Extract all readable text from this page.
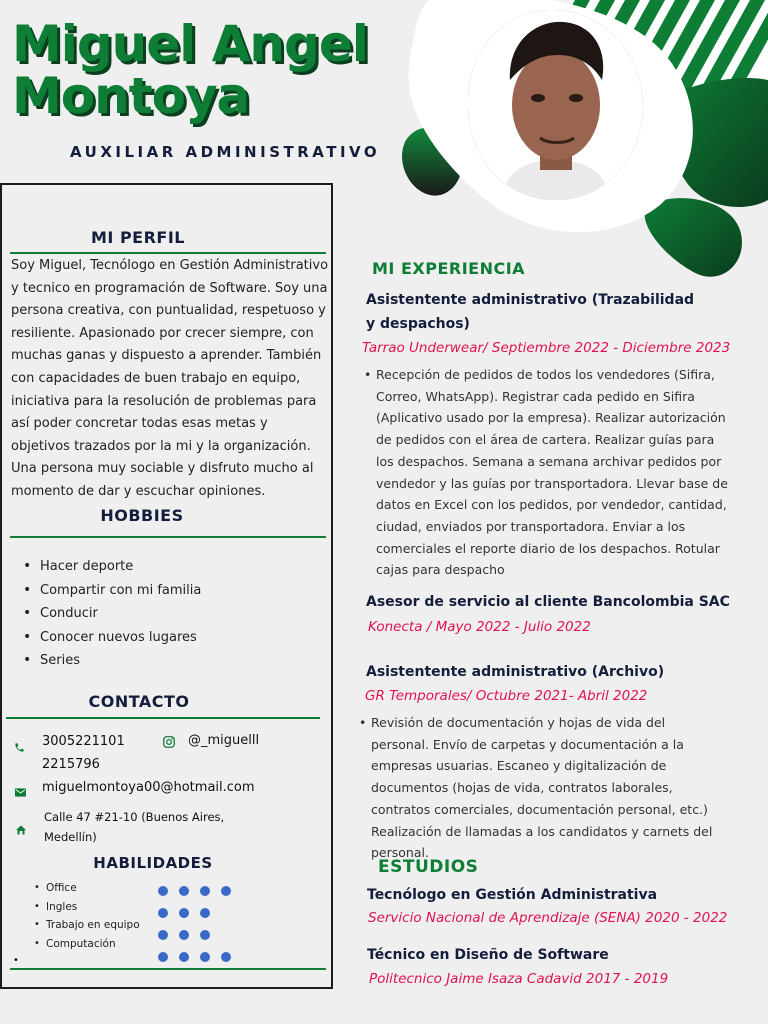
Miguel Angel
Montoya
AUXILIAR ADMINISTRATIVO
MI PERFIL
Soy Miguel, Tecnólogo en Gestión Administrativo y tecnico en programación de Software. Soy una persona creativa, con puntualidad, respetuoso y resiliente. Apasionado por crecer siempre, con muchas ganas y dispuesto a aprender. También con capacidades de buen trabajo en equipo, iniciativa para la resolución de problemas para así poder concretar todas esas metas y objetivos trazados por la mi y la organización.
Una persona muy sociable y disfruto mucho al momento de dar y escuchar opiniones.
HOBBIES
• Hacer deporte
• Compartir con mi familia
• Conducir
• Conocer nuevos lugares
• Series
CONTACTO
3005221101
2215796
@_miguelll
miguelmontoya00@hotmail.com
Calle 47 #21-10 (Buenos Aires, Medellín)
HABILIDADES
• Office
• Ingles
• Trabajo en equipo
• Computación
•
MI EXPERIENCIA
Asistentente administrativo (Trazabilidad y despachos)
Tarrao Underwear/ Septiembre 2022 - Diciembre 2023
• Recepción de pedidos de todos los vendedores (Sifira, Correo, WhatsApp). Registrar cada pedido en Sifira (Aplicativo usado por la empresa). Realizar autorización de pedidos con el área de cartera. Realizar guías para los despachos. Semana a semana archivar pedidos por vendedor y las guías por transportadora. Llevar base de datos en Excel con los pedidos, por vendedor, cantidad, ciudad, enviados por transportadora. Enviar a los comerciales el reporte diario de los despachos. Rotular cajas para despacho
Asesor de servicio al cliente Bancolombia SAC
Konecta / Mayo 2022 - Julio 2022
Asistentente administrativo (Archivo)
GR Temporales/ Octubre 2021- Abril 2022
• Revisión de documentación y hojas de vida del personal. Envío de carpetas y documentación a la empresas usuarias. Escaneo y digitalización de documentos (hojas de vida, contratos laborales, contratos comerciales, documentación personal, etc.) Realización de llamadas a los candidatos y carnets del personal.
ESTUDIOS
Tecnólogo en Gestión Administrativa
Servicio Nacional de Aprendizaje (SENA) 2020 - 2022
Técnico en Diseño de Software
Politecnico Jaime Isaza Cadavid 2017 - 2019
